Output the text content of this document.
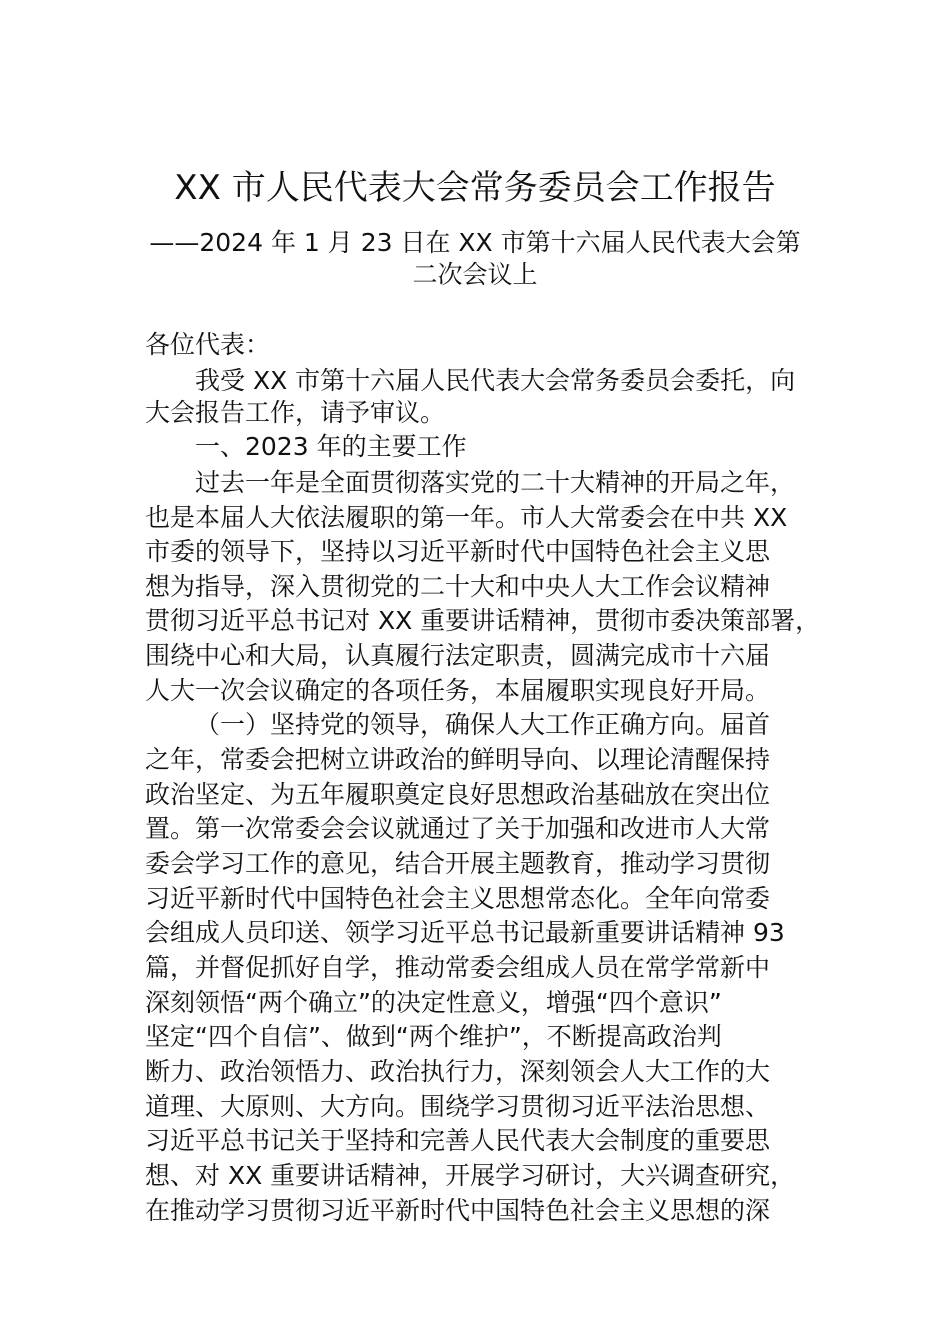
XX 市人民代表大会常务委员会工作报告
——2024 年 1 月 23 日在 XX 市第十六届人民代表大会第
二次会议上
各位代表：
我受 XX 市第十六届人民代表大会常务委员会委托，向
大会报告工作，请予审议。
一、2023 年的主要工作
过去一年是全面贯彻落实党的二十大精神的开局之年，
也是本届人大依法履职的第一年。市人大常委会在中共 XX
市委的领导下，坚持以习近平新时代中国特色社会主义思
想为指导，深入贯彻党的二十大和中央人大工作会议精神
贯彻习近平总书记对 XX 重要讲话精神，贯彻市委决策部署，
围绕中心和大局，认真履行法定职责，圆满完成市十六届
人大一次会议确定的各项任务，本届履职实现良好开局。
（一）坚持党的领导，确保人大工作正确方向。届首
之年，常委会把树立讲政治的鲜明导向、以理论清醒保持
政治坚定、为五年履职奠定良好思想政治基础放在突出位
置。第一次常委会会议就通过了关于加强和改进市人大常
委会学习工作的意见，结合开展主题教育，推动学习贯彻
习近平新时代中国特色社会主义思想常态化。全年向常委
会组成人员印送、领学习近平总书记最新重要讲话精神 93
篇，并督促抓好自学，推动常委会组成人员在常学常新中
深刻领悟“两个确立”的决定性意义，增强“四个意识”
坚定“四个自信”、做到“两个维护”，不断提高政治判
断力、政治领悟力、政治执行力，深刻领会人大工作的大
道理、大原则、大方向。围绕学习贯彻习近平法治思想、
习近平总书记关于坚持和完善人民代表大会制度的重要思
想、对 XX 重要讲话精神，开展学习研讨，大兴调查研究，
在推动学习贯彻习近平新时代中国特色社会主义思想的深
